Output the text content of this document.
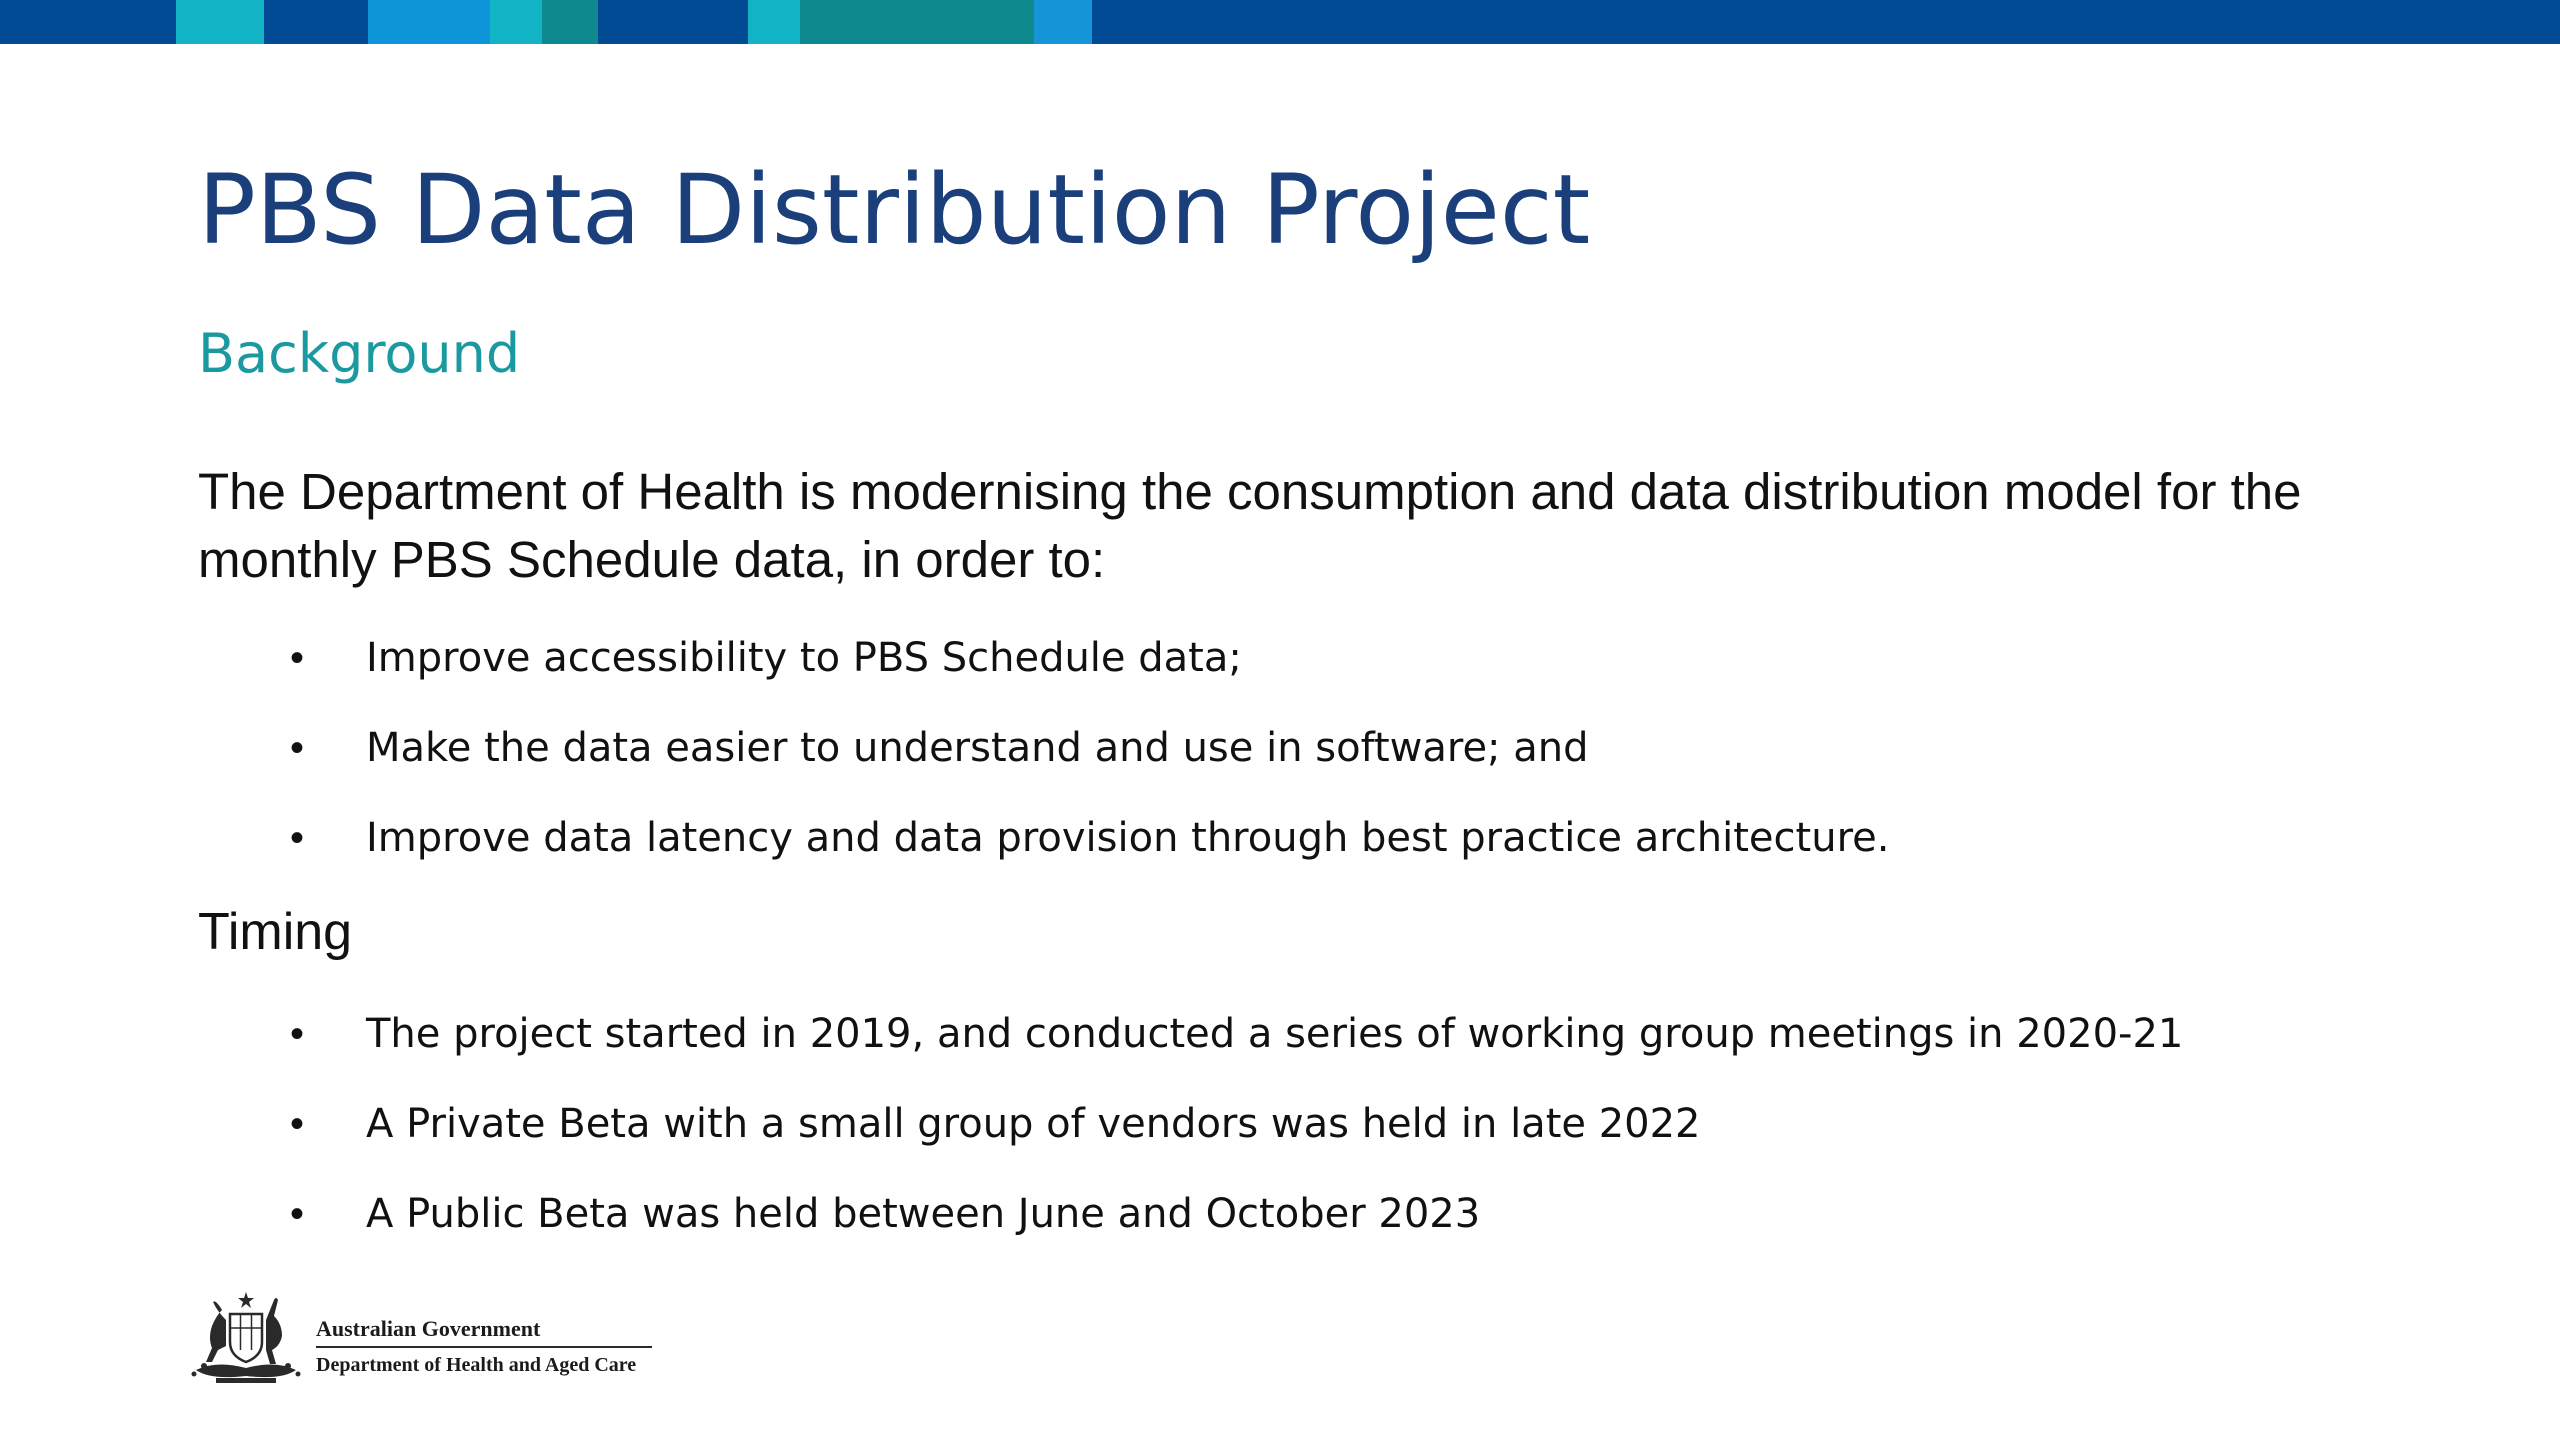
PBS Data Distribution Project
Background

The Department of Health is modernising the consumption and data distribution model for the monthly PBS Schedule data, in order to:

• Improve accessibility to PBS Schedule data;
• Make the data easier to understand and use in software; and
• Improve data latency and data provision through best practice architecture.
Timing
• The project started in 2019, and conducted a series of working group meetings in 2020-21
• A Private Beta with a small group of vendors was held in late 2022
• A Public Beta was held between June and October 2023
Australian Government
Department of Health and Aged Care
